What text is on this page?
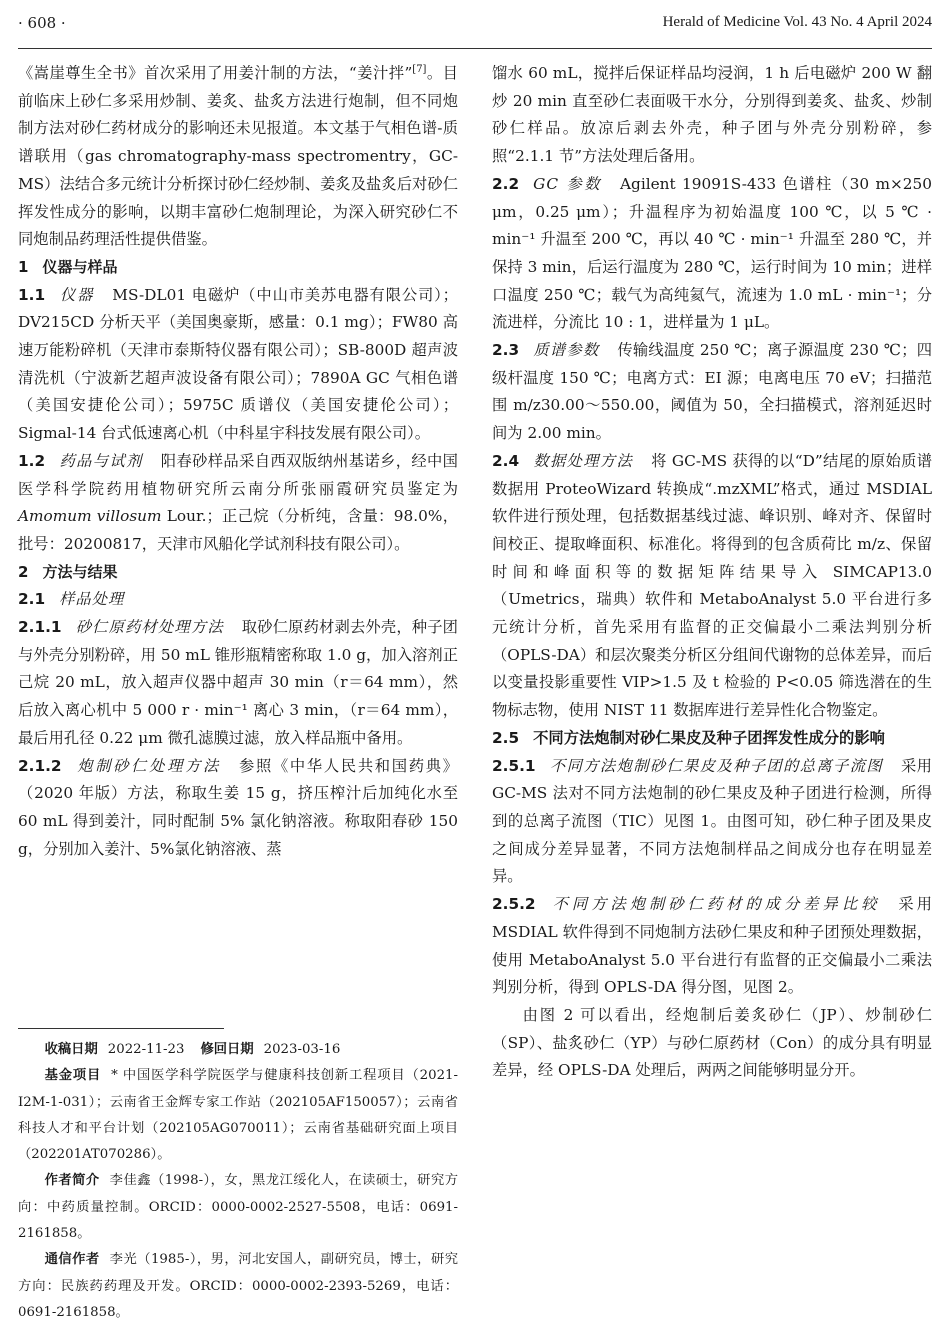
· 608 ·	Herald of Medicine Vol. 43 No. 4 April 2024

《嵩崖尊生全书》首次采用了用姜汁制的方法，“姜汁拌”[7]。目前临床上砂仁多采用炒制、姜炙、盐炙方法进行炮制，但不同炮制方法对砂仁药材成分的影响还未见报道。本文基于气相色谱-质谱联用（gas chromatography-mass spectromentry，GC-MS）法结合多元统计分析探讨砂仁经炒制、姜炙及盐炙后对砂仁挥发性成分的影响，以期丰富砂仁炮制理论，为深入研究砂仁不同炮制品药理活性提供借鉴。

1 仪器与样品

1.1 仪器 MS-DL01 电磁炉（中山市美苏电器有限公司）；DV215CD 分析天平（美国奥豪斯，感量：0.1 mg）；FW80 高速万能粉碎机（天津市泰斯特仪器有限公司）；SB-800D 超声波清洗机（宁波新艺超声波设备有限公司）；7890A GC 气相色谱（美国安捷伦公司）；5975C 质谱仪（美国安捷伦公司）；Sigmal-14 台式低速离心机（中科星宇科技发展有限公司）。

1.2 药品与试剂 阳春砂样品采自西双版纳州基诺乡，经中国医学科学院药用植物研究所云南分所张丽霞研究员鉴定为Amomum villosum Lour.；正己烷（分析纯，含量：98.0%，批号：20200817，天津市风船化学试剂科技有限公司）。

2 方法与结果

2.1 样品处理

2.1.1 砂仁原药材处理方法 取砂仁原药材剥去外壳，种子团与外壳分别粉碎，用 50 mL 锥形瓶精密称取 1.0 g，加入溶剂正己烷 20 mL，放入超声仪器中超声 30 min（r＝64 mm），然后放入离心机中 5 000 r · min⁻¹ 离心 3 min，（r＝64 mm），最后用孔径 0.22 μm 微孔滤膜过滤，放入样品瓶中备用。

2.1.2 炮制砂仁处理方法 参照《中华人民共和国药典》（2020 年版）方法，称取生姜 15 g，挤压榨汁后加纯化水至 60 mL 得到姜汁，同时配制 5% 氯化钠溶液。称取阳春砂 150 g，分别加入姜汁、5%氯化钠溶液、蒸

收稿日期 2022-11-23 修回日期 2023-03-16

基金项目 * 中国医学科学院医学与健康科技创新工程项目（2021-I2M-1-031）；云南省王金辉专家工作站（202105AF150057）；云南省科技人才和平台计划（202105AG070011）；云南省基础研究面上项目（202201AT070286）。

作者简介 李佳鑫（1998-），女，黑龙江绥化人，在读硕士，研究方向：中药质量控制。ORCID：0000-0002-2527-5508，电话：0691-2161858。

通信作者 李光（1985-），男，河北安国人，副研究员，博士，研究方向：民族药药理及开发。ORCID：0000-0002-2393-5269，电话：0691-2161858。

馏水 60 mL，搅拌后保证样品均浸润，1 h 后电磁炉 200 W 翻炒 20 min 直至砂仁表面吸干水分，分别得到姜炙、盐炙、炒制砂仁样品。放凉后剥去外壳，种子团与外壳分别粉碎，参照“2.1.1 节”方法处理后备用。

2.2 GC 参数 Agilent 19091S-433 色谱柱（30 m×250 μm，0.25 μm）；升温程序为初始温度 100 ℃，以 5 ℃ · min⁻¹ 升温至 200 ℃，再以 40 ℃ · min⁻¹ 升温至 280 ℃，并保持 3 min，后运行温度为 280 ℃，运行时间为 10 min；进样口温度 250 ℃；载气为高纯氦气，流速为 1.0 mL · min⁻¹；分流进样，分流比 10 : 1，进样量为 1 μL。

2.3 质谱参数 传输线温度 250 ℃；离子源温度 230 ℃；四级杆温度 150 ℃；电离方式：EI 源；电离电压 70 eV；扫描范围 m/z30.00～550.00，阈值为 50，全扫描模式，溶剂延迟时间为 2.00 min。

2.4 数据处理方法 将 GC-MS 获得的以“D”结尾的原始质谱数据用 ProteoWizard 转换成“.mzXML”格式，通过 MSDIAL 软件进行预处理，包括数据基线过滤、峰识别、峰对齐、保留时间校正、提取峰面积、标准化。将得到的包含质荷比 m/z、保留时间和峰面积等的数据矩阵结果导入 SIMCAP13.0（Umetrics，瑞典）软件和 MetaboAnalyst 5.0 平台进行多元统计分析，首先采用有监督的正交偏最小二乘法判别分析（OPLS-DA）和层次聚类分析区分组间代谢物的总体差异，而后以变量投影重要性 VIP>1.5 及 t 检验的 P<0.05 筛选潜在的生物标志物，使用 NIST 11 数据库进行差异性化合物鉴定。

2.5 不同方法炮制对砂仁果皮及种子团挥发性成分的影响

2.5.1 不同方法炮制砂仁果皮及种子团的总离子流图 采用 GC-MS 法对不同方法炮制的砂仁果皮及种子团进行检测，所得到的总离子流图（TIC）见图 1。由图可知，砂仁种子团及果皮之间成分差异显著，不同方法炮制样品之间成分也存在明显差异。

2.5.2 不同方法炮制砂仁药材的成分差异比较 采用 MSDIAL 软件得到不同炮制方法砂仁果皮和种子团预处理数据，使用 MetaboAnalyst 5.0 平台进行有监督的正交偏最小二乘法判别分析，得到 OPLS-DA 得分图，见图 2。

由图 2 可以看出，经炮制后姜炙砂仁（JP）、炒制砂仁（SP）、盐炙砂仁（YP）与砂仁原药材（Con）的成分具有明显差异，经 OPLS-DA 处理后，两两之间能够明显分开。
